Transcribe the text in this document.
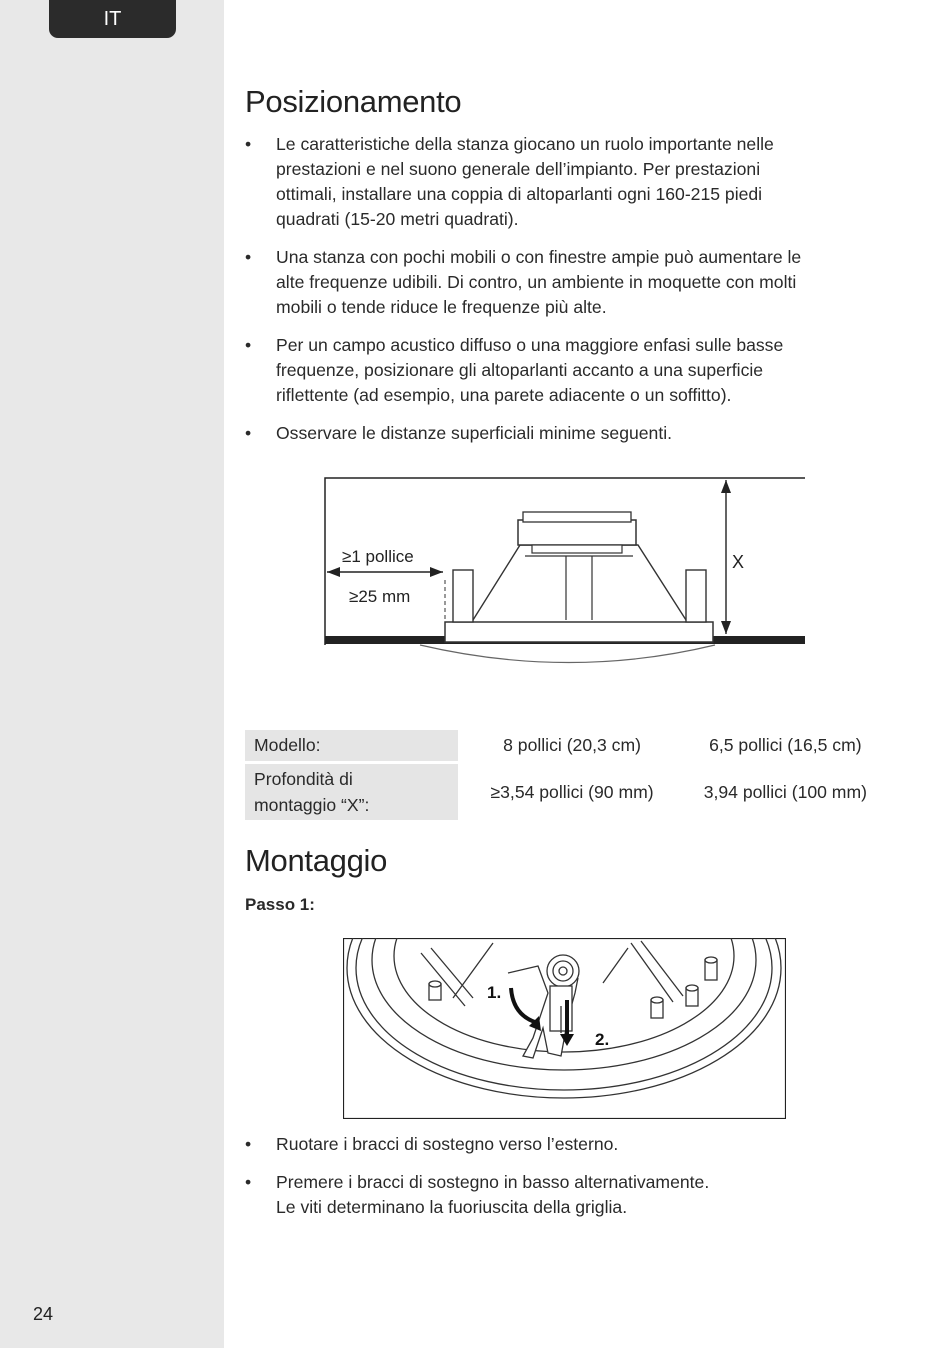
IT
24
Posizionamento
• Le caratteristiche della stanza giocano un ruolo importante nelle
prestazioni e nel suono generale dell’impianto. Per prestazioni
ottimali, installare una coppia di altoparlanti ogni 160-215 piedi
quadrati (15-20 metri quadrati).
• Una stanza con pochi mobili o con finestre ampie può aumentare le
alte frequenze udibili. Di contro, un ambiente in moquette con molti
mobili o tende riduce le frequenze più alte.
• Per un campo acustico diffuso o una maggiore enfasi sulle basse
frequenze, posizionare gli altoparlanti accanto a una superficie
riflettente (ad esempio, una parete adiacente o un soffitto).
• Osservare le distanze superficiali minime seguenti.
≥1 pollice
≥25 mm
X
Modello:	8 pollici (20,3 cm)	6,5 pollici (16,5 cm)
Profondità di
montaggio “X”:	≥3,54 pollici (90 mm)	3,94 pollici (100 mm)
Montaggio
Passo 1:
1.
2.
• Ruotare i bracci di sostegno verso l’esterno.
• Premere i bracci di sostegno in basso alternativamente.
Le viti determinano la fuoriuscita della griglia.
